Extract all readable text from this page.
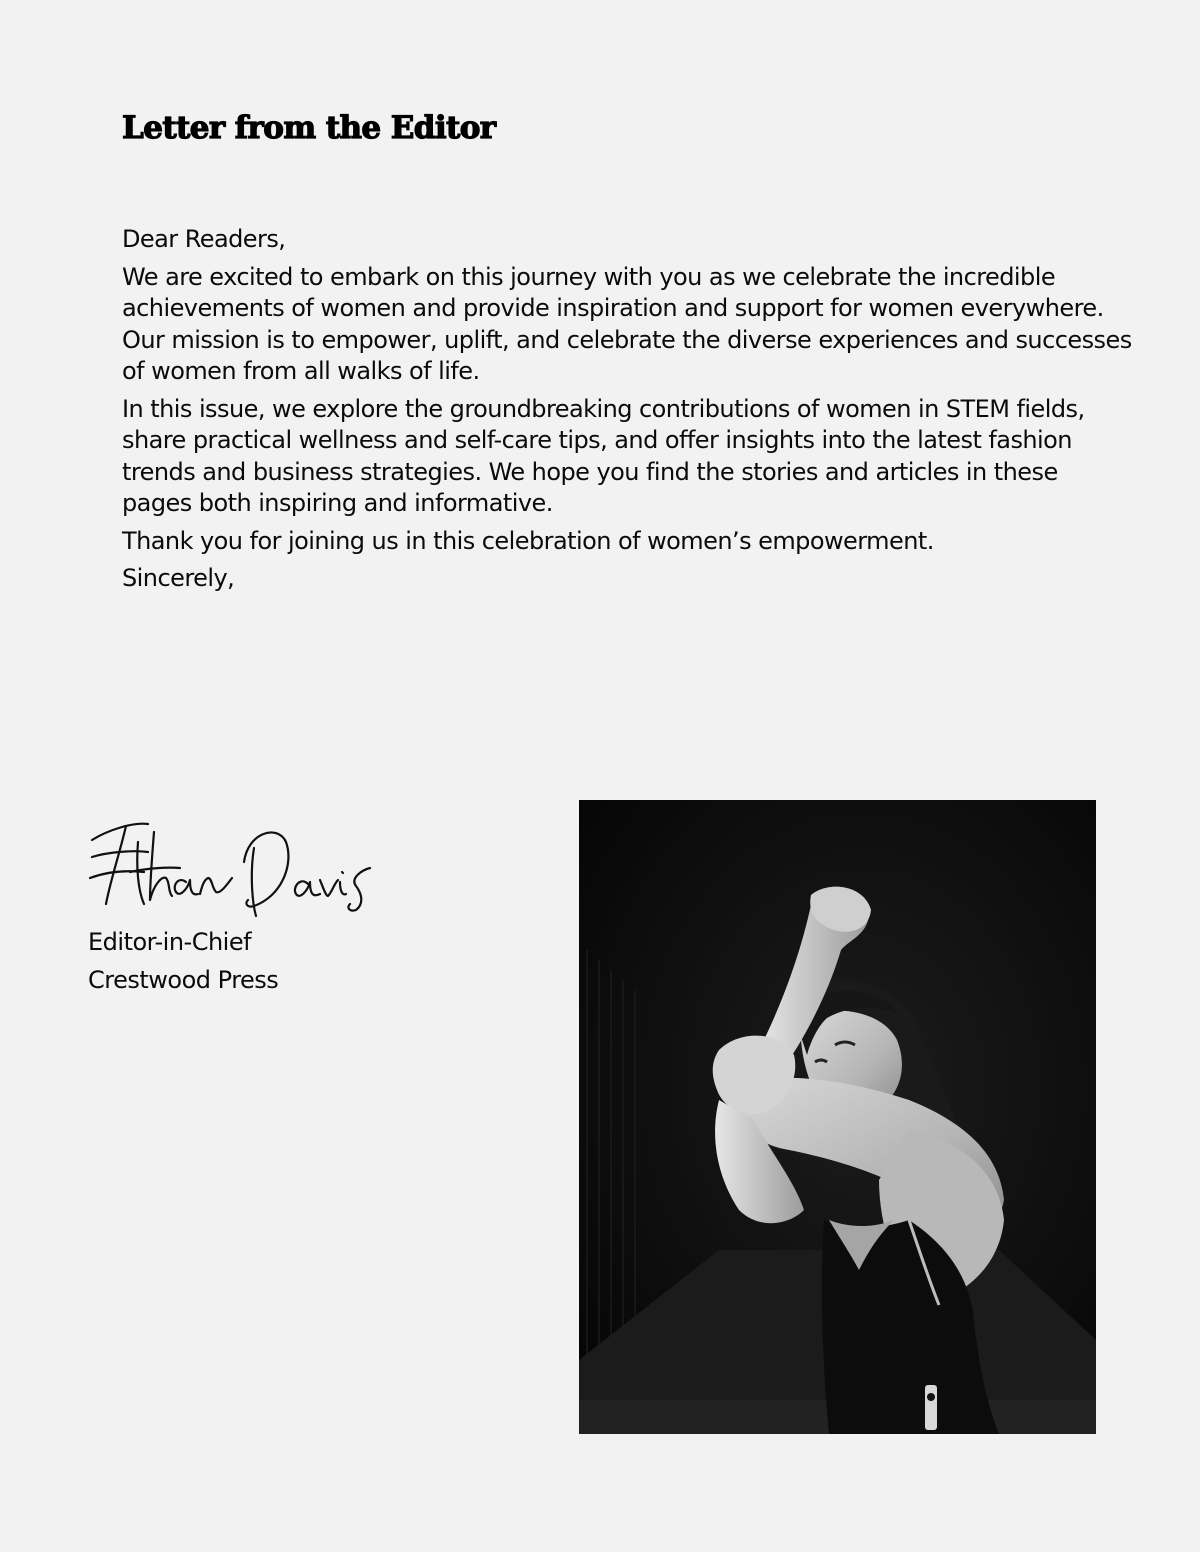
Letter from the Editor

Dear Readers,

We are excited to embark on this journey with you as we celebrate the incredible achievements of women and provide inspiration and support for women everywhere. Our mission is to empower, uplift, and celebrate the diverse experiences and successes of women from all walks of life.

In this issue, we explore the groundbreaking contributions of women in STEM fields, share practical wellness and self-care tips, and offer insights into the latest fashion trends and business strategies. We hope you find the stories and articles in these pages both inspiring and informative.

Thank you for joining us in this celebration of women’s empowerment.

Sincerely,

Editor-in-Chief
Crestwood Press
